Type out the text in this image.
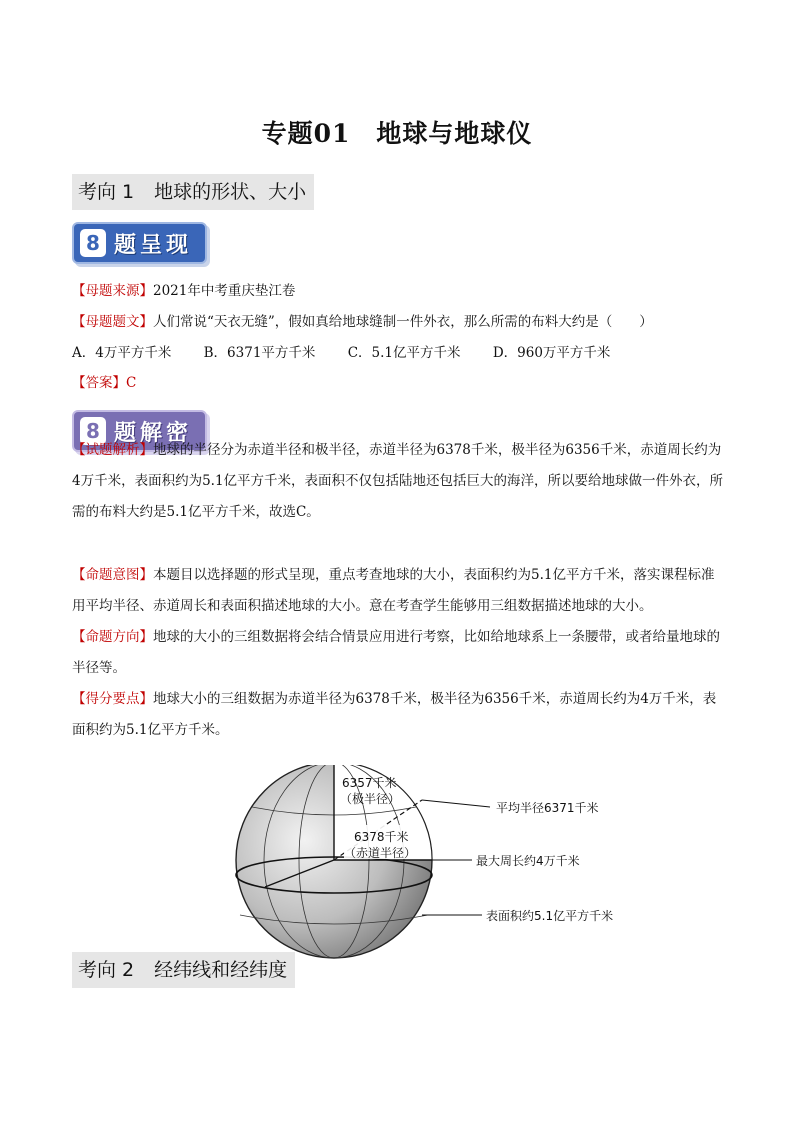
专题01　地球与地球仪
考向 1 地球的形状、大小
8 题呈现
【母题来源】2021年中考重庆垫江卷
【母题题文】人们常说“天衣无缝”，假如真给地球缝制一件外衣，那么所需的布料大约是（　　）
A．4万平方千米 B．6371平方千米 C．5.1亿平方千米 D．960万平方千米
【答案】C
8 题解密
【试题解析】地球的半径分为赤道半径和极半径，赤道半径为6378千米，极半径为6356千米，赤道周长约为4万千米，表面积约为5.1亿平方千米，表面积不仅包括陆地还包括巨大的海洋，所以要给地球做一件外衣，所需的布料大约是5.1亿平方千米，故选C。
【命题意图】本题目以选择题的形式呈现，重点考查地球的大小，表面积约为5.1亿平方千米，落实课程标准用平均半径、赤道周长和表面积描述地球的大小。意在考查学生能够用三组数据描述地球的大小。
【命题方向】地球的大小的三组数据将会结合情景应用进行考察，比如给地球系上一条腰带，或者给量地球的半径等。
【得分要点】地球大小的三组数据为赤道半径为6378千米，极半径为6356千米，赤道周长约为4万千米，表面积约为5.1亿平方千米。
6357千米
（极半径）
6378千米
（赤道半径）
平均半径6371千米
最大周长约4万千米
表面积约5.1亿平方千米
考向 2 经纬线和经纬度
